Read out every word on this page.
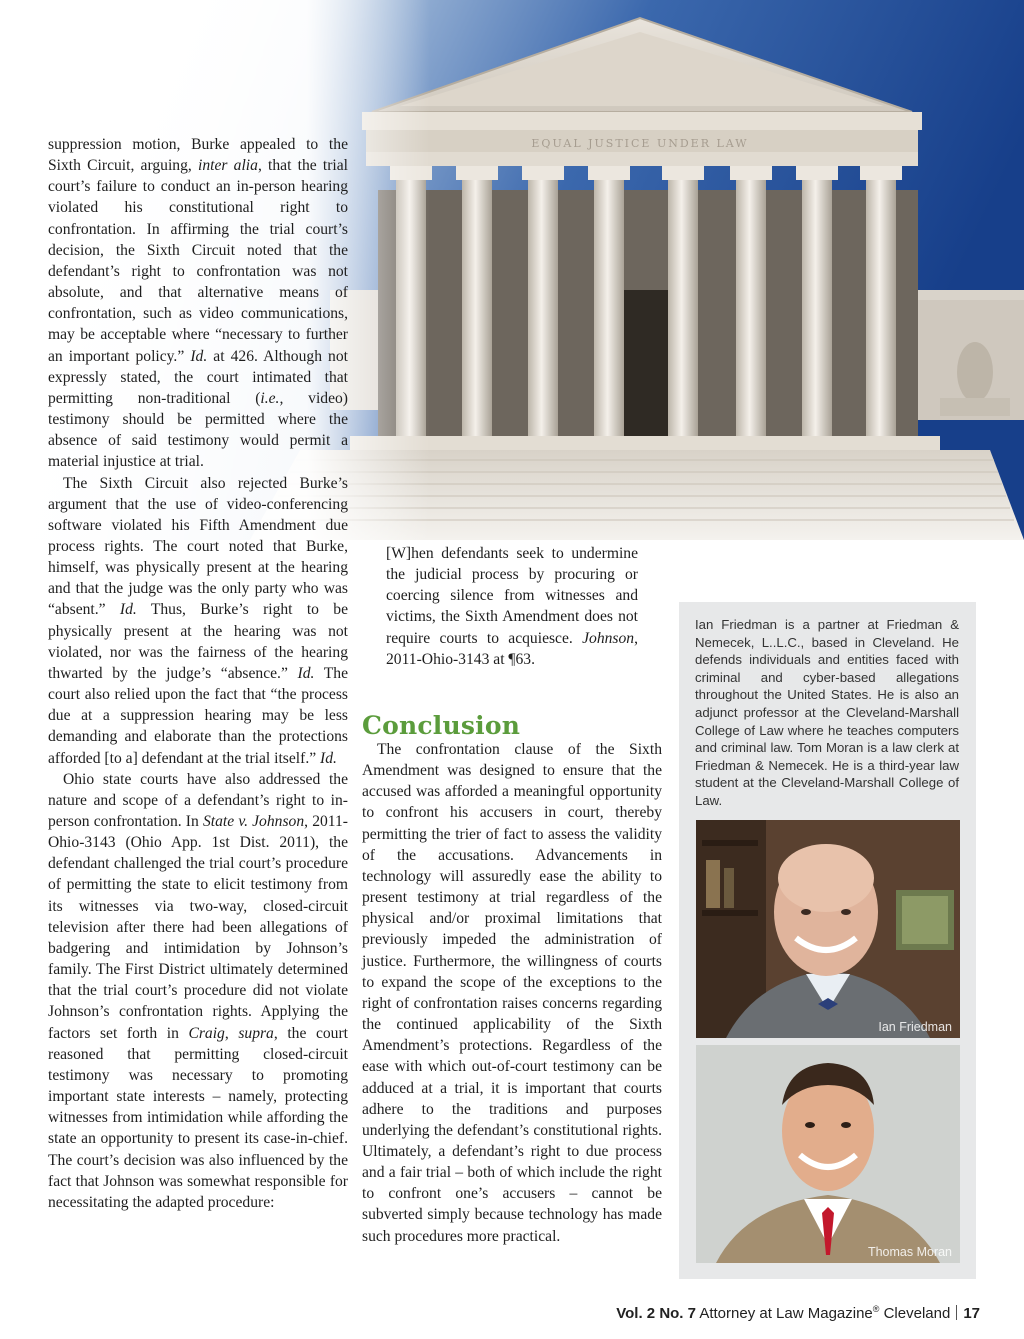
suppression motion, Burke appealed to the Sixth Circuit, arguing, inter alia, that the trial court’s failure to conduct an in-person hearing violated his constitutional right to confrontation. In affirming the trial court’s decision, the Sixth Circuit noted that the defendant’s right to confrontation was not absolute, and that alternative means of confrontation, such as video communications, may be acceptable where “necessary to further an important policy.” Id. at 426. Although not expressly stated, the court intimated that permitting non-traditional (i.e., video) testimony should be permitted where the absence of said testimony would permit a material injustice at trial.

The Sixth Circuit also rejected Burke’s argument that the use of video-conferencing software violated his Fifth Amendment due process rights. The court noted that Burke, himself, was physically present at the hearing and that the judge was the only party who was “absent.” Id. Thus, Burke’s right to be physically present at the hearing was not violated, nor was the fairness of the hearing thwarted by the judge’s “absence.” Id. The court also relied upon the fact that “the process due at a suppression hearing may be less demanding and elaborate than the protections afforded [to a] defendant at the trial itself.” Id.

Ohio state courts have also addressed the nature and scope of a defendant’s right to in-person confrontation. In State v. Johnson, 2011-Ohio-3143 (Ohio App. 1st Dist. 2011), the defendant challenged the trial court’s procedure of permitting the state to elicit testimony from its witnesses via two-way, closed-circuit television after there had been allegations of badgering and intimidation by Johnson’s family. The First District ultimately determined that the trial court’s procedure did not violate Johnson’s confrontation rights. Applying the factors set forth in Craig, supra, the court reasoned that permitting closed-circuit testimony was necessary to promoting important state interests – namely, protecting witnesses from intimidation while affording the state an opportunity to present its case-in-chief. The court’s decision was also influenced by the fact that Johnson was somewhat responsible for necessitating the adapted procedure:

[W]hen defendants seek to undermine the judicial process by procuring or coercing silence from witnesses and victims, the Sixth Amendment does not require courts to acquiesce. Johnson, 2011-Ohio-3143 at ¶63.
Conclusion

The confrontation clause of the Sixth Amendment was designed to ensure that the accused was afforded a meaningful opportunity to confront his accusers in court, thereby permitting the trier of fact to assess the validity of the accusations. Advancements in technology will assuredly ease the ability to present testimony at trial regardless of the physical and/or proximal limitations that previously impeded the administration of justice. Furthermore, the willingness of courts to expand the scope of the exceptions to the right of confrontation raises concerns regarding the continued applicability of the Sixth Amendment’s protections. Regardless of the ease with which out-of-court testimony can be adduced at a trial, it is important that courts adhere to the traditions and purposes underlying the defendant’s constitutional rights. Ultimately, a defendant’s right to due process and a fair trial – both of which include the right to confront one’s accusers – cannot be subverted simply because technology has made such procedures more practical.

Ian Friedman is a partner at Friedman & Nemecek, L..L.C., based in Cleveland. He defends individuals and entities faced with criminal and cyber-based allegations throughout the United States. He is also an adjunct professor at the Cleveland-Marshall College of Law where he teaches computers and criminal law. Tom Moran is a law clerk at Friedman & Nemecek. He is a third-year law student at the Cleveland-Marshall College of Law.
Ian Friedman
Thomas Moran
Vol. 2 No. 7 Attorney at Law Magazine® Cleveland 17
